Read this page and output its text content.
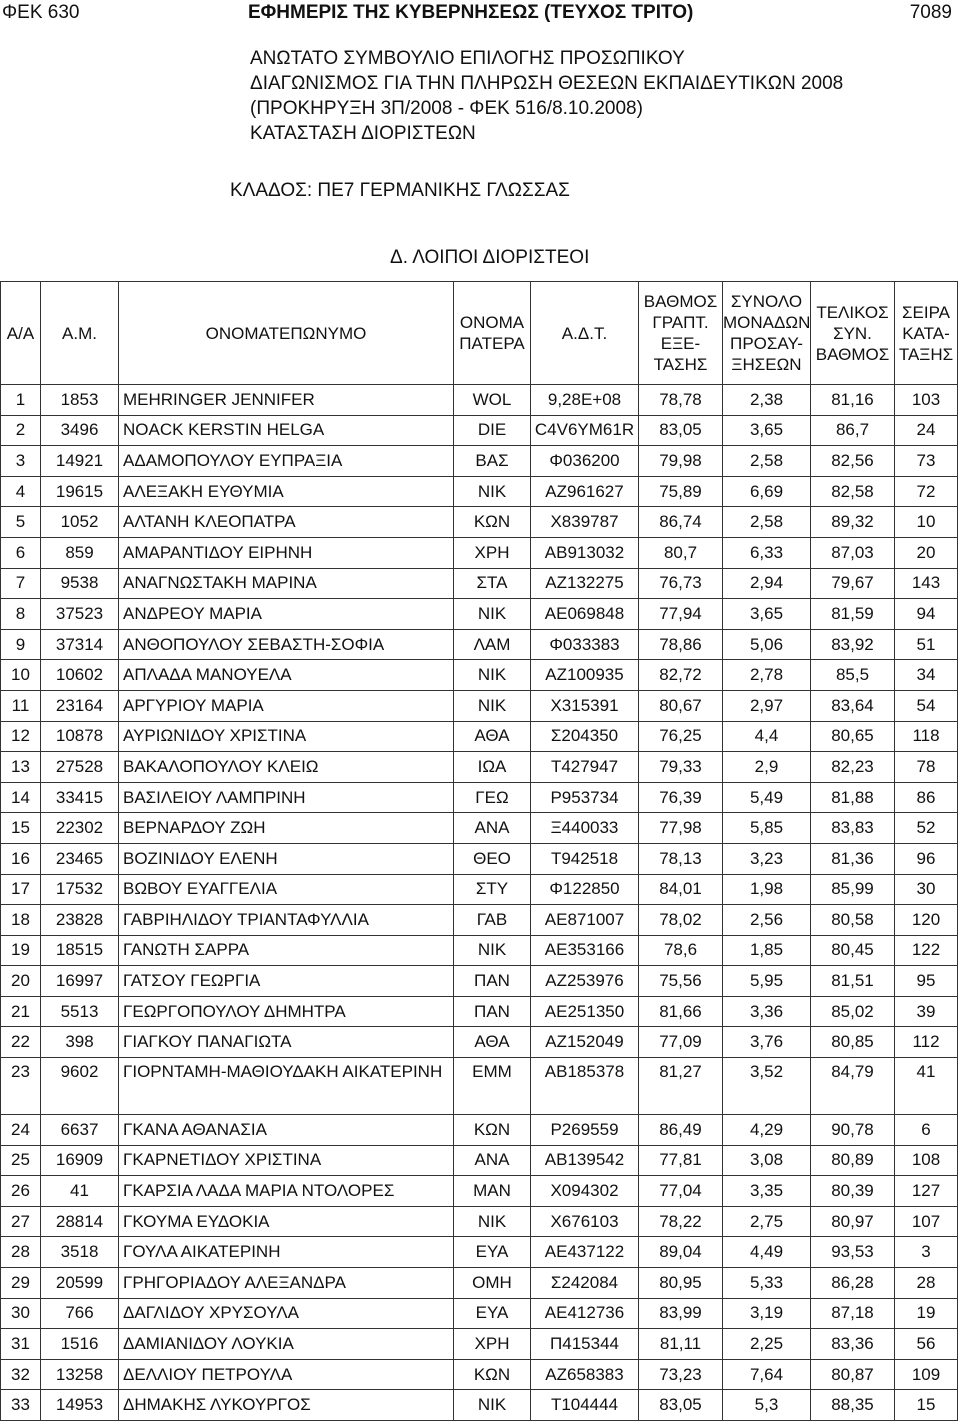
ΦΕΚ 630	ΕΦΗΜΕΡΙΣ ΤΗΣ ΚΥΒΕΡΝΗΣΕΩΣ (ΤΕΥΧΟΣ ΤΡΙΤΟ)	7089
ΑΝΩΤΑΤΟ ΣΥΜΒΟΥΛΙΟ ΕΠΙΛΟΓΗΣ ΠΡΟΣΩΠΙΚΟΥ
ΔΙΑΓΩΝΙΣΜΟΣ ΓΙΑ ΤΗΝ ΠΛΗΡΩΣΗ ΘΕΣΕΩΝ ΕΚΠΑΙΔΕΥΤΙΚΩΝ 2008
(ΠΡΟΚΗΡΥΞΗ 3Π/2008 - ΦΕΚ 516/8.10.2008)
ΚΑΤΑΣΤΑΣΗ ΔΙΟΡΙΣΤΕΩΝ
ΚΛΑΔΟΣ: ΠΕ7 ΓΕΡΜΑΝΙΚΗΣ ΓΛΩΣΣΑΣ
Δ. ΛΟΙΠΟΙ ΔΙΟΡΙΣΤΕΟΙ
Α/Α	Α.Μ.	ΟΝΟΜΑΤΕΠΩΝΥΜΟ	ΟΝΟΜΑ ΠΑΤΕΡΑ	Α.Δ.Τ.	ΒΑΘΜΟΣ ΓΡΑΠΤ. ΕΞΕ- ΤΑΣΗΣ	ΣΥΝΟΛΟ ΜΟΝΑΔΩΝ ΠΡΟΣΑΥ- ΞΗΣΕΩΝ	ΤΕΛΙΚΟΣ ΣΥΝ. ΒΑΘΜΟΣ	ΣΕΙΡΑ ΚΑΤΑ- ΤΑΞΗΣ
1	1853	MEHRINGER JENNIFER	WOL	9,28E+08	78,78	2,38	81,16	103
2	3496	NOACK KERSTIN HELGA	DIE	C4V6YM61R	83,05	3,65	86,7	24
3	14921	ΑΔΑΜΟΠΟΥΛΟΥ ΕΥΠΡΑΞΙΑ	ΒΑΣ	Φ036200	79,98	2,58	82,56	73
4	19615	ΑΛΕΞΑΚΗ ΕΥΘΥΜΙΑ	ΝΙΚ	ΑΖ961627	75,89	6,69	82,58	72
5	1052	ΑΛΤΑΝΗ ΚΛΕΟΠΑΤΡΑ	ΚΩΝ	Χ839787	86,74	2,58	89,32	10
6	859	ΑΜΑΡΑΝΤΙΔΟΥ ΕΙΡΗΝΗ	ΧΡΗ	ΑΒ913032	80,7	6,33	87,03	20
7	9538	ΑΝΑΓΝΩΣΤΑΚΗ ΜΑΡΙΝΑ	ΣΤΑ	ΑΖ132275	76,73	2,94	79,67	143
8	37523	ΑΝΔΡΕΟΥ ΜΑΡΙΑ	ΝΙΚ	ΑΕ069848	77,94	3,65	81,59	94
9	37314	ΑΝΘΟΠΟΥΛΟΥ ΣΕΒΑΣΤΗ-ΣΟΦΙΑ	ΛΑΜ	Φ033383	78,86	5,06	83,92	51
10	10602	ΑΠΛΑΔΑ ΜΑΝΟΥΕΛΑ	ΝΙΚ	ΑΖ100935	82,72	2,78	85,5	34
11	23164	ΑΡΓΥΡΙΟΥ ΜΑΡΙΑ	ΝΙΚ	Χ315391	80,67	2,97	83,64	54
12	10878	ΑΥΡΙΩΝΙΔΟΥ ΧΡΙΣΤΙΝΑ	ΑΘΑ	Σ204350	76,25	4,4	80,65	118
13	27528	ΒΑΚΑΛΟΠΟΥΛΟΥ ΚΛΕΙΩ	ΙΩΑ	Τ427947	79,33	2,9	82,23	78
14	33415	ΒΑΣΙΛΕΙΟΥ ΛΑΜΠΡΙΝΗ	ΓΕΩ	Ρ953734	76,39	5,49	81,88	86
15	22302	ΒΕΡΝΑΡΔΟΥ ΖΩΗ	ΑΝΑ	Ξ440033	77,98	5,85	83,83	52
16	23465	ΒΟΖΙΝΙΔΟΥ ΕΛΕΝΗ	ΘΕΟ	Τ942518	78,13	3,23	81,36	96
17	17532	ΒΩΒΟΥ ΕΥΑΓΓΕΛΙΑ	ΣΤΥ	Φ122850	84,01	1,98	85,99	30
18	23828	ΓΑΒΡΙΗΛΙΔΟΥ ΤΡΙΑΝΤΑΦΥΛΛΙΑ	ΓΑΒ	ΑΕ871007	78,02	2,56	80,58	120
19	18515	ΓΑΝΩΤΗ ΣΑΡΡΑ	ΝΙΚ	ΑΕ353166	78,6	1,85	80,45	122
20	16997	ΓΑΤΣΟΥ ΓΕΩΡΓΙΑ	ΠΑΝ	ΑΖ253976	75,56	5,95	81,51	95
21	5513	ΓΕΩΡΓΟΠΟΥΛΟΥ ΔΗΜΗΤΡΑ	ΠΑΝ	ΑΕ251350	81,66	3,36	85,02	39
22	398	ΓΙΑΓΚΟΥ ΠΑΝΑΓΙΩΤΑ	ΑΘΑ	ΑΖ152049	77,09	3,76	80,85	112
23	9602	ΓΙΟΡΝΤΑΜΗ-ΜΑΘΙΟΥΔΑΚΗ ΑΙΚΑΤΕΡΙΝΗ	ΕΜΜ	ΑΒ185378	81,27	3,52	84,79	41
24	6637	ΓΚΑΝΑ ΑΘΑΝΑΣΙΑ	ΚΩΝ	Ρ269559	86,49	4,29	90,78	6
25	16909	ΓΚΑΡΝΕΤΙΔΟΥ ΧΡΙΣΤΙΝΑ	ΑΝΑ	ΑΒ139542	77,81	3,08	80,89	108
26	41	ΓΚΑΡΣΙΑ ΛΑΔΑ ΜΑΡΙΑ ΝΤΟΛΟΡΕΣ	ΜΑΝ	Χ094302	77,04	3,35	80,39	127
27	28814	ΓΚΟΥΜΑ ΕΥΔΟΚΙΑ	ΝΙΚ	Χ676103	78,22	2,75	80,97	107
28	3518	ΓΟΥΛΑ ΑΙΚΑΤΕΡΙΝΗ	ΕΥΑ	ΑΕ437122	89,04	4,49	93,53	3
29	20599	ΓΡΗΓΟΡΙΑΔΟΥ ΑΛΕΞΑΝΔΡΑ	ΟΜΗ	Σ242084	80,95	5,33	86,28	28
30	766	ΔΑΓΛΙΔΟΥ ΧΡΥΣΟΥΛΑ	ΕΥΑ	ΑΕ412736	83,99	3,19	87,18	19
31	1516	ΔΑΜΙΑΝΙΔΟΥ ΛΟΥΚΙΑ	ΧΡΗ	Π415344	81,11	2,25	83,36	56
32	13258	ΔΕΛΛΙΟΥ ΠΕΤΡΟΥΛΑ	ΚΩΝ	ΑΖ658383	73,23	7,64	80,87	109
33	14953	ΔΗΜΑΚΗΣ ΛΥΚΟΥΡΓΟΣ	ΝΙΚ	Τ104444	83,05	5,3	88,35	15
